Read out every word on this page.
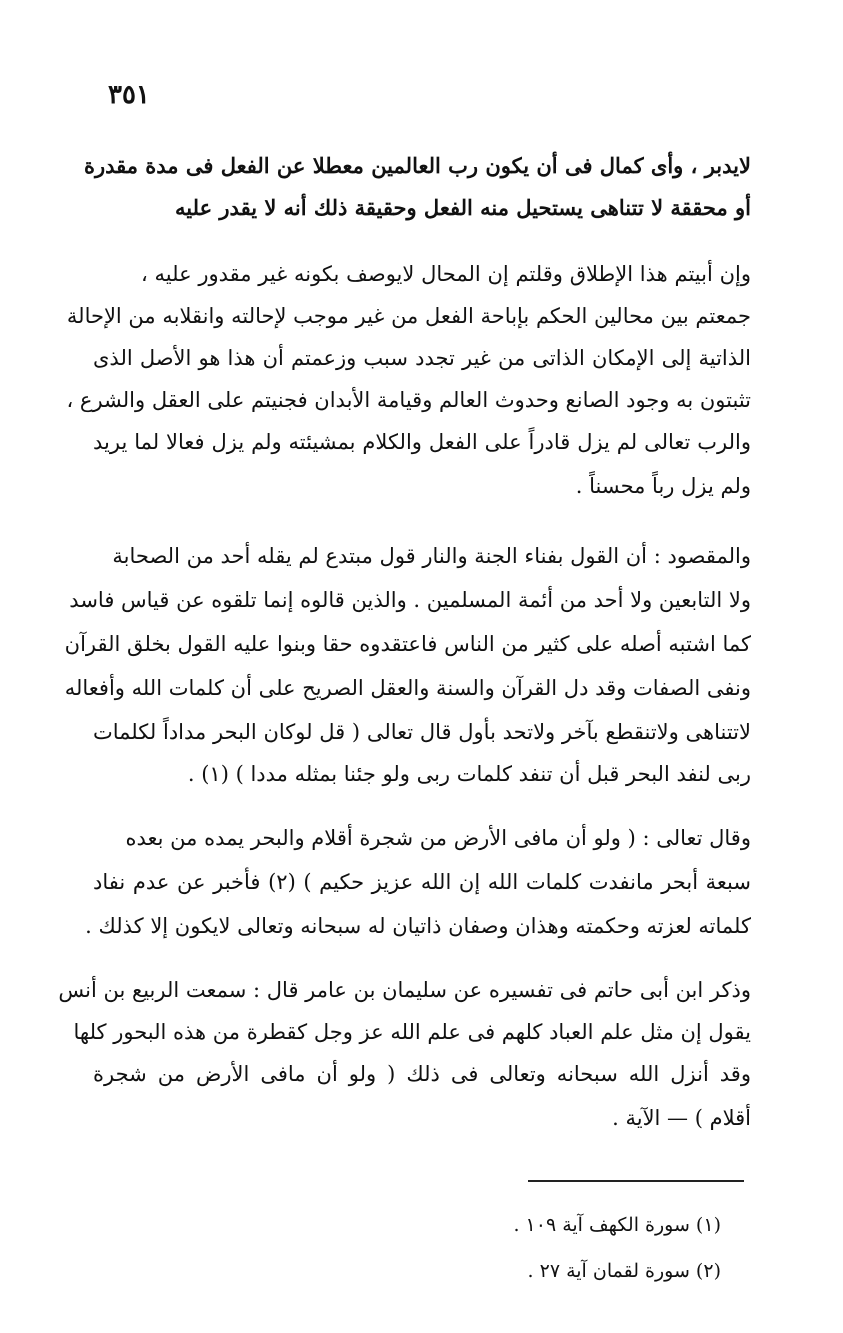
٣٥١
لايدبر ، وأى كمال فى أن يكون رب العالمين معطلا عن الفعل فى مدة مقدرة
أو محققة لا تتناهى يستحيل منه الفعل وحقيقة ذلك أنه لا يقدر عليه
وإن أبيتم هذا الإطلاق وقلتم إن المحال لايوصف بكونه غير مقدور عليه ،
جمعتم بين محالين الحكم بإباحة الفعل من غير موجب لإحالته وانقلابه من الإحالة
الذاتية إلى الإمكان الذاتى من غير تجدد سبب وزعمتم أن هذا هو الأصل الذى
تثبتون به وجود الصانع وحدوث العالم وقيامة الأبدان فجنيتم على العقل والشرع ،
والرب تعالى لم يزل قادراً على الفعل والكلام بمشيئته ولم يزل فعالا لما يريد
ولم يزل رباً محسناً .
والمقصود : أن القول بفناء الجنة والنار قول مبتدع لم يقله أحد من الصحابة
ولا التابعين ولا أحد من أئمة المسلمين . والذين قالوه إنما تلقوه عن قياس فاسد
كما اشتبه أصله على كثير من الناس فاعتقدوه حقا وبنوا عليه القول بخلق القرآن
ونفى الصفات وقد دل القرآن والسنة والعقل الصريح على أن كلمات الله وأفعاله
لاتتناهى ولاتنقطع بآخر ولاتحد بأول قال تعالى ( قل لوكان البحر مداداً لكلمات
ربى لنفد البحر قبل أن تنفد كلمات ربى ولو جئنا بمثله مددا ) (١) .
وقال تعالى : ( ولو أن مافى الأرض من شجرة أقلام والبحر يمده من بعده
سبعة أبحر مانفدت كلمات الله إن الله عزيز حكيم ) (٢) فأخبر عن عدم نفاد
كلماته لعزته وحكمته وهذان وصفان ذاتيان له سبحانه وتعالى لايكون إلا كذلك .
وذكر ابن أبى حاتم فى تفسيره عن سليمان بن عامر قال : سمعت الربيع بن أنس
يقول إن مثل علم العباد كلهم فى علم الله عز وجل كقطرة من هذه البحور كلها
وقد أنزل الله سبحانه وتعالى فى ذلك ( ولو أن مافى الأرض من شجرة
أقلام ) — الآية .
(١) سورة الكهف آية ١٠٩ .
(٢) سورة لقمان آية ٢٧ .
